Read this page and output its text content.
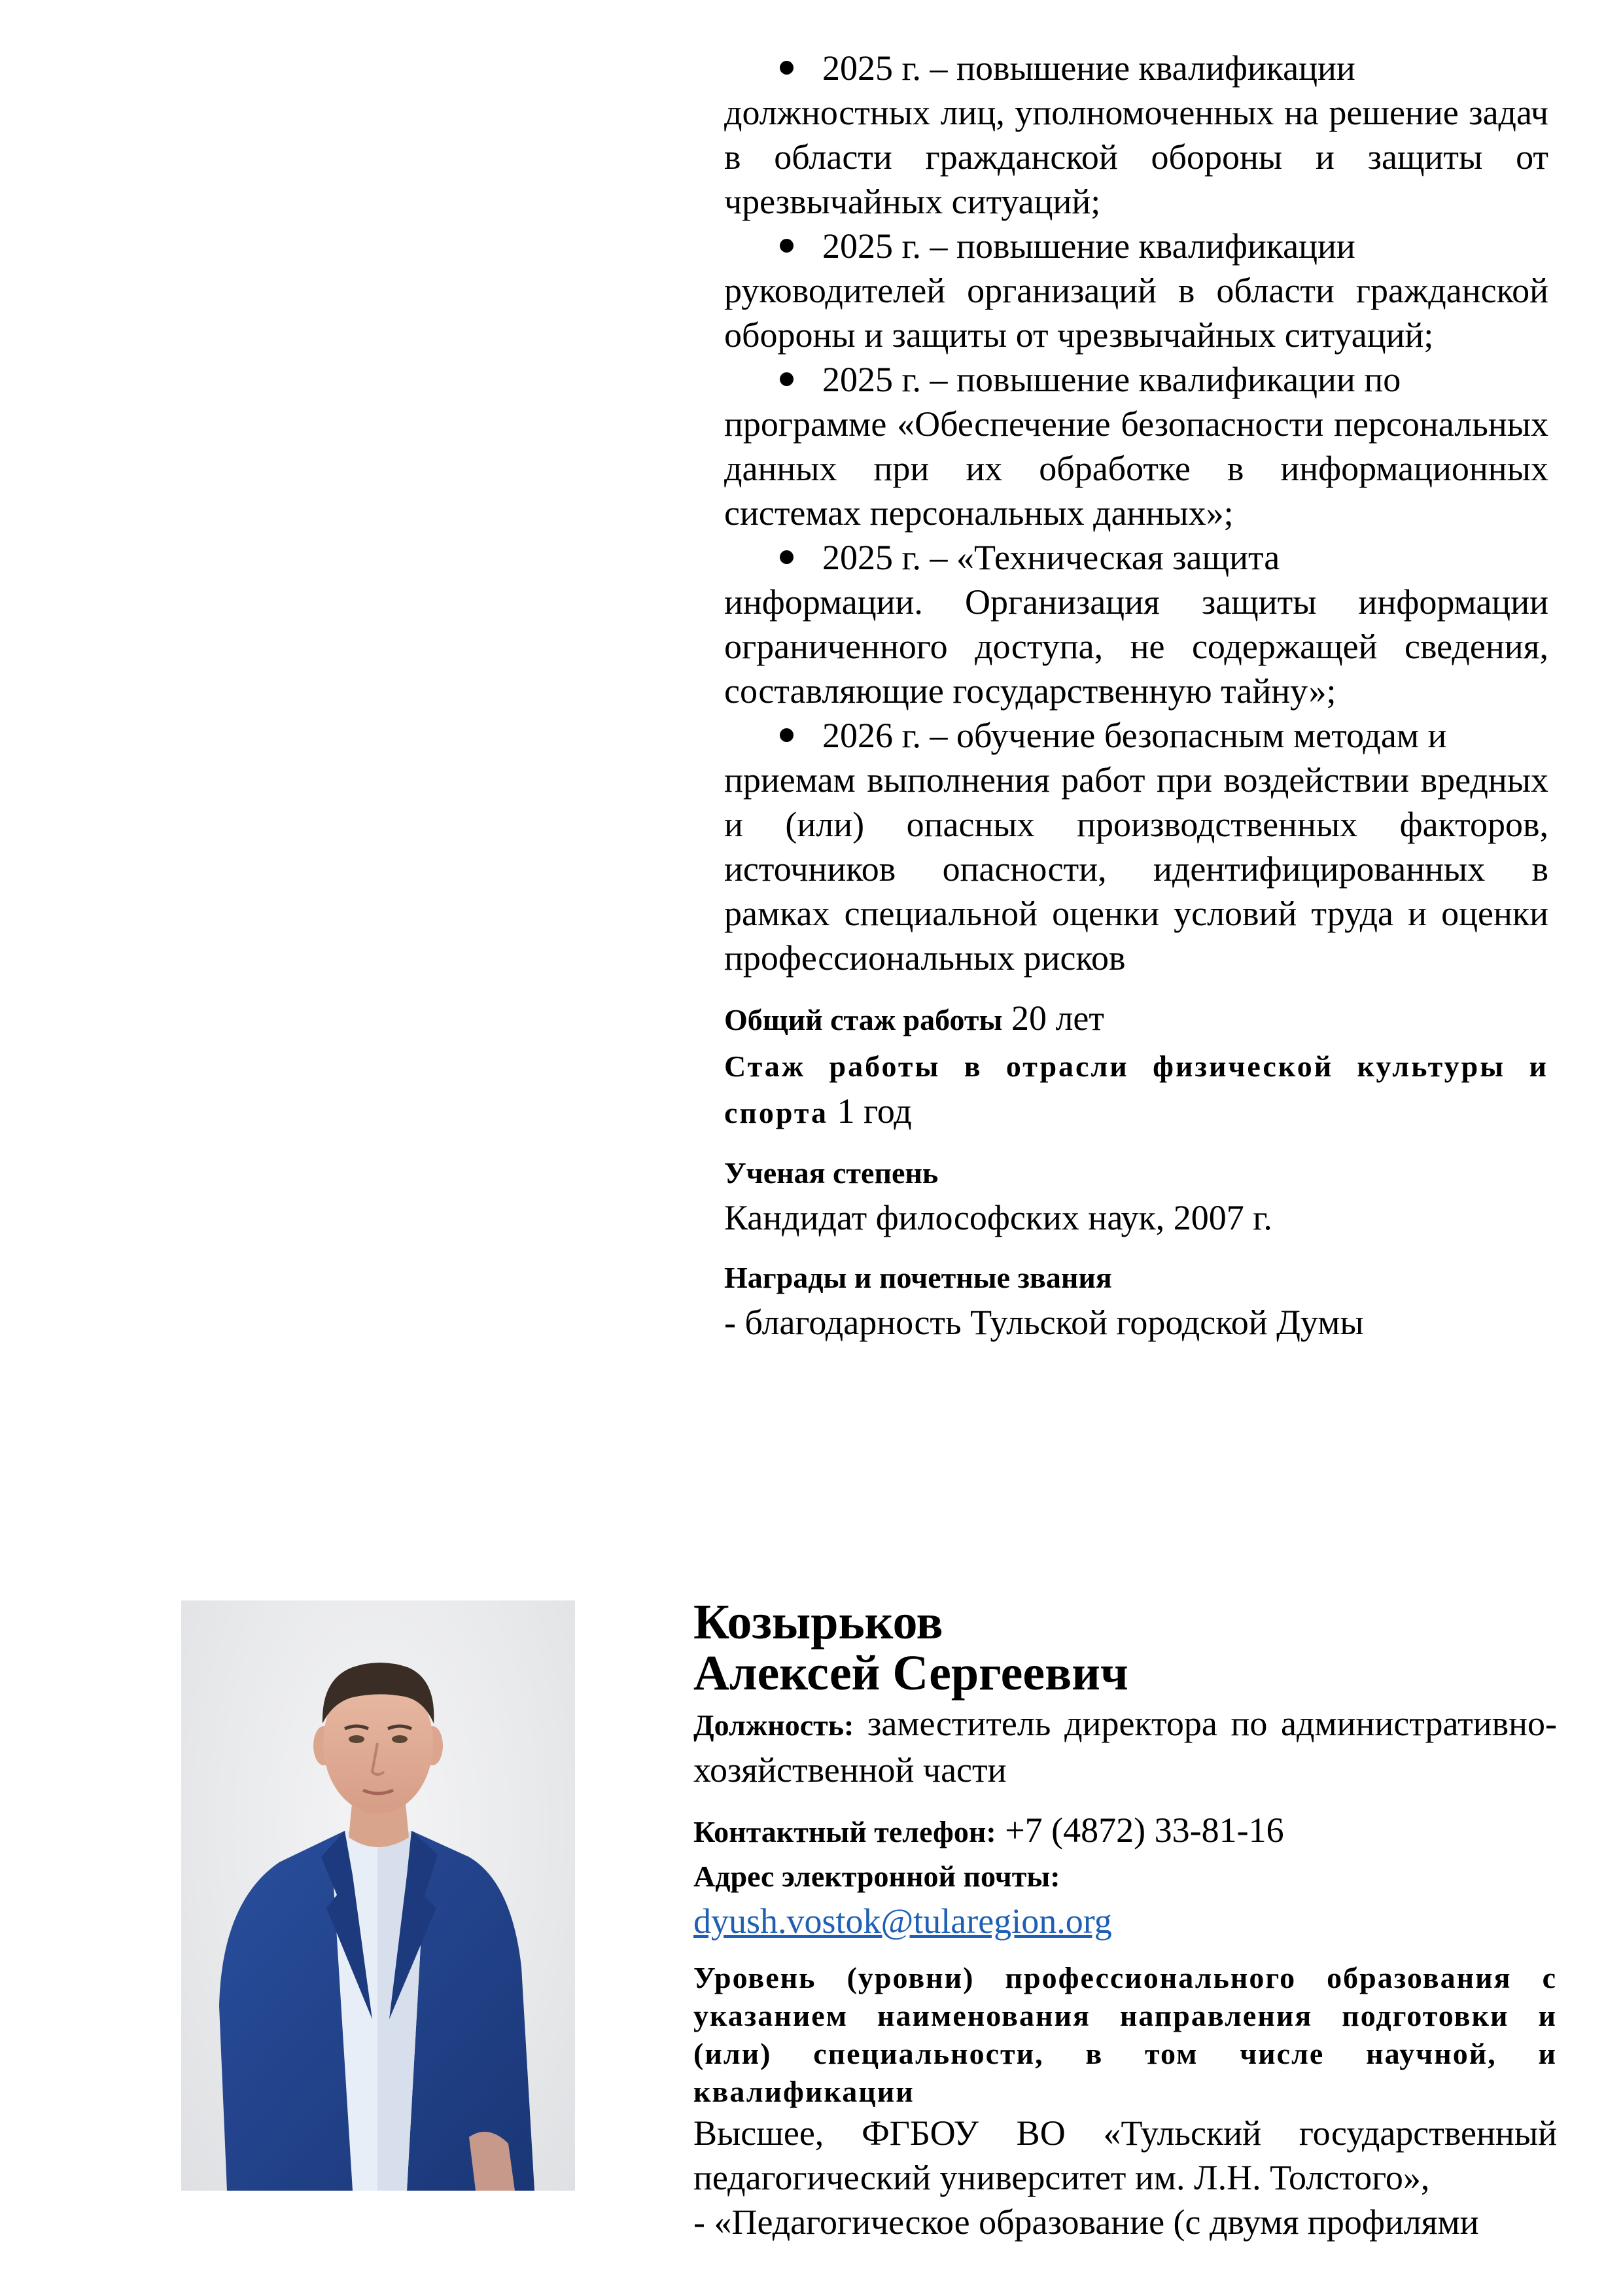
2025 г. – повышение квалификации
должностных лиц, уполномоченных на решение задач в области гражданской обороны и защиты от чрезвычайных ситуаций;
2025 г. – повышение квалификации
руководителей организаций в области гражданской обороны и защиты от чрезвычайных ситуаций;
2025 г. – повышение квалификации по
программе «Обеспечение безопасности персональных данных при их обработке в информационных системах персональных данных»;
2025 г. – «Техническая защита
информации. Организация защиты информации ограниченного доступа, не содержащей сведения, составляющие государственную тайну»;
2026 г. – обучение безопасным методам и
приемам выполнения работ при воздействии вредных и (или) опасных производственных факторов, источников опасности, идентифицированных в рамках специальной оценки условий труда и оценки профессиональных рисков
Общий стаж работы 20 лет
Стаж работы в отрасли физической культуры и спорта 1 год
Ученая степень
Кандидат философских наук, 2007 г.
Награды и почетные звания
- благодарность Тульской городской Думы
Козырьков
Алексей Сергеевич
Должность: заместитель директора по административно-хозяйственной части
Контактный телефон: +7 (4872) 33-81-16
Адрес электронной почты:
dyush.vostok@tularegion.org
Уровень (уровни) профессионального образования с указанием наименования направления подготовки и (или) специальности, в том числе научной, и квалификации
Высшее, ФГБОУ ВО «Тульский государственный педагогический университет им. Л.Н. Толстого»,
- «Педагогическое образование (с двумя профилями
